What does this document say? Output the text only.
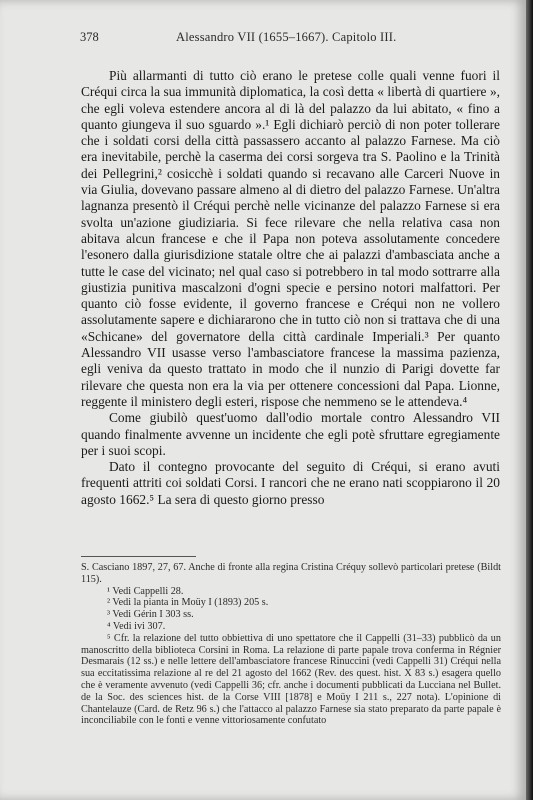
378	Alessandro VII (1655–1667). Capitolo III.

Più allarmanti di tutto ciò erano le pretese colle quali venne fuori il Créqui circa la sua immunità diplomatica, la così detta « libertà di quartiere », che egli voleva estendere ancora al di là del palazzo da lui abitato, « fino a quanto giungeva il suo sguardo ».¹ Egli dichiarò perciò di non poter tollerare che i soldati corsi della città passassero accanto al palazzo Farnese. Ma ciò era inevitabile, perchè la caserma dei corsi sorgeva tra S. Paolino e la Trinità dei Pellegrini,² cosicchè i soldati quando si recavano alle Carceri Nuove in via Giulia, dovevano passare almeno al di dietro del palazzo Farnese. Un'altra lagnanza presentò il Créqui perchè nelle vicinanze del palazzo Farnese si era svolta un'azione giudiziaria. Si fece rilevare che nella relativa casa non abitava alcun francese e che il Papa non poteva assolutamente concedere l'esonero dalla giurisdizione statale oltre che ai palazzi d'ambasciata anche a tutte le case del vicinato; nel qual caso si potrebbero in tal modo sottrarre alla giustizia punitiva mascalzoni d'ogni specie e persino notori malfattori. Per quanto ciò fosse evidente, il governo francese e Créqui non ne vollero assolutamente sapere e dichiararono che in tutto ciò non si trattava che di una «Schicane» del governatore della città cardinale Imperiali.³ Per quanto Alessandro VII usasse verso l'ambasciatore francese la massima pazienza, egli veniva da questo trattato in modo che il nunzio di Parigi dovette far rilevare che questa non era la via per ottenere concessioni dal Papa. Lionne, reggente il ministero degli esteri, rispose che nemmeno se le attendeva.⁴

Come giubilò quest'uomo dall'odio mortale contro Alessandro VII quando finalmente avvenne un incidente che egli potè sfruttare egregiamente per i suoi scopi.

Dato il contegno provocante del seguito di Créqui, si erano avuti frequenti attriti coi soldati Corsi. I rancori che ne erano nati scoppiarono il 20 agosto 1662.⁵ La sera di questo giorno presso

S. Casciano 1897, 27, 67. Anche di fronte alla regina Cristina Créquy sollevò particolari pretese (Bildt 115).

¹ Vedi Cappelli 28.

² Vedi la pianta in Moüy I (1893) 205 s.

³ Vedi Gérin I 303 ss.

⁴ Vedi ivi 307.

⁵ Cfr. la relazione del tutto obbiettiva di uno spettatore che il Cappelli (31–33) pubblicò da un manoscritto della biblioteca Corsini in Roma. La relazione di parte papale trova conferma in Régnier Desmarais (12 ss.) e nelle lettere dell'ambasciatore francese Rinuccini (vedi Cappelli 31) Créqui nella sua eccitatissima relazione al re del 21 agosto del 1662 (Rev. des quest. hist. X 83 s.) esagera quello che è veramente avvenuto (vedi Cappelli 36; cfr. anche i documenti pubblicati da Lucciana nel Bullet. de la Soc. des sciences hist. de la Corse VIII [1878] e Moüy I 211 s., 227 nota). L'opinione di Chantelauze (Card. de Retz 96 s.) che l'attacco al palazzo Farnese sia stato preparato da parte papale è inconciliabile con le fonti e venne vittoriosamente confutato
